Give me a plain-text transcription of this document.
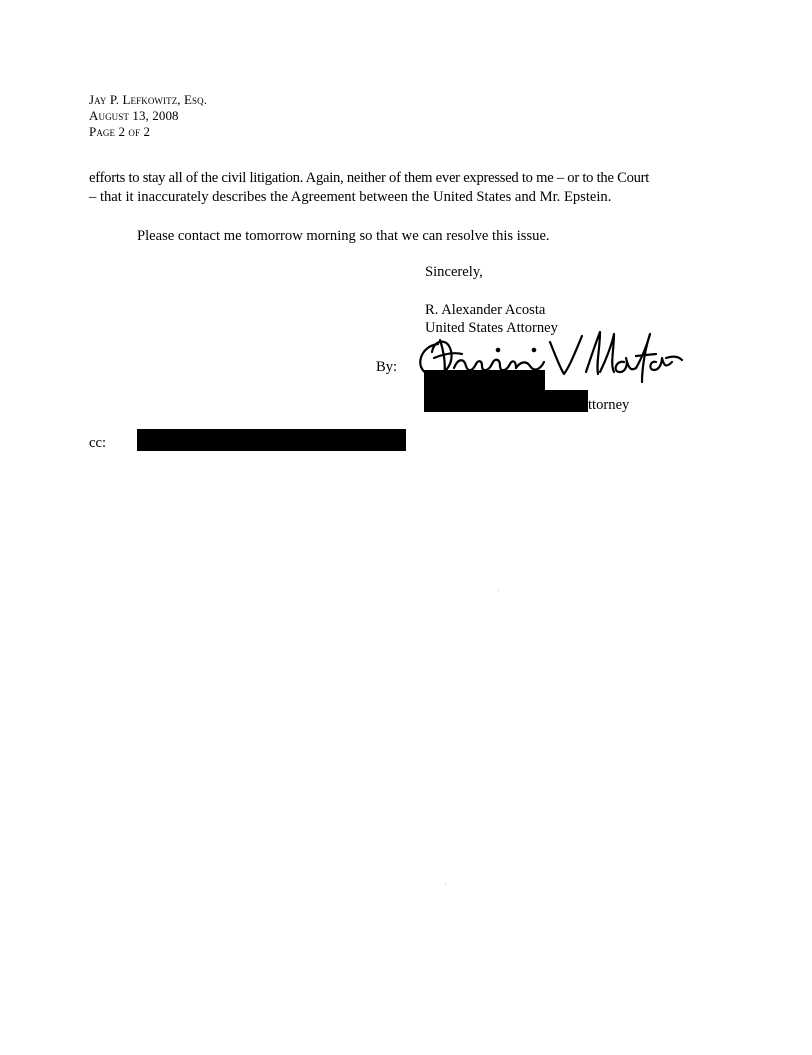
Jay P. Lefkowitz, Esq.
August 13, 2008
Page 2 of 2
efforts to stay all of the civil litigation. Again, neither of them ever expressed to me – or to the Court
– that it inaccurately describes the Agreement between the United States and Mr. Epstein.
Please contact me tomorrow morning so that we can resolve this issue.
Sincerely,
R. Alexander Acosta
United States Attorney
By:
ttorney
cc:
